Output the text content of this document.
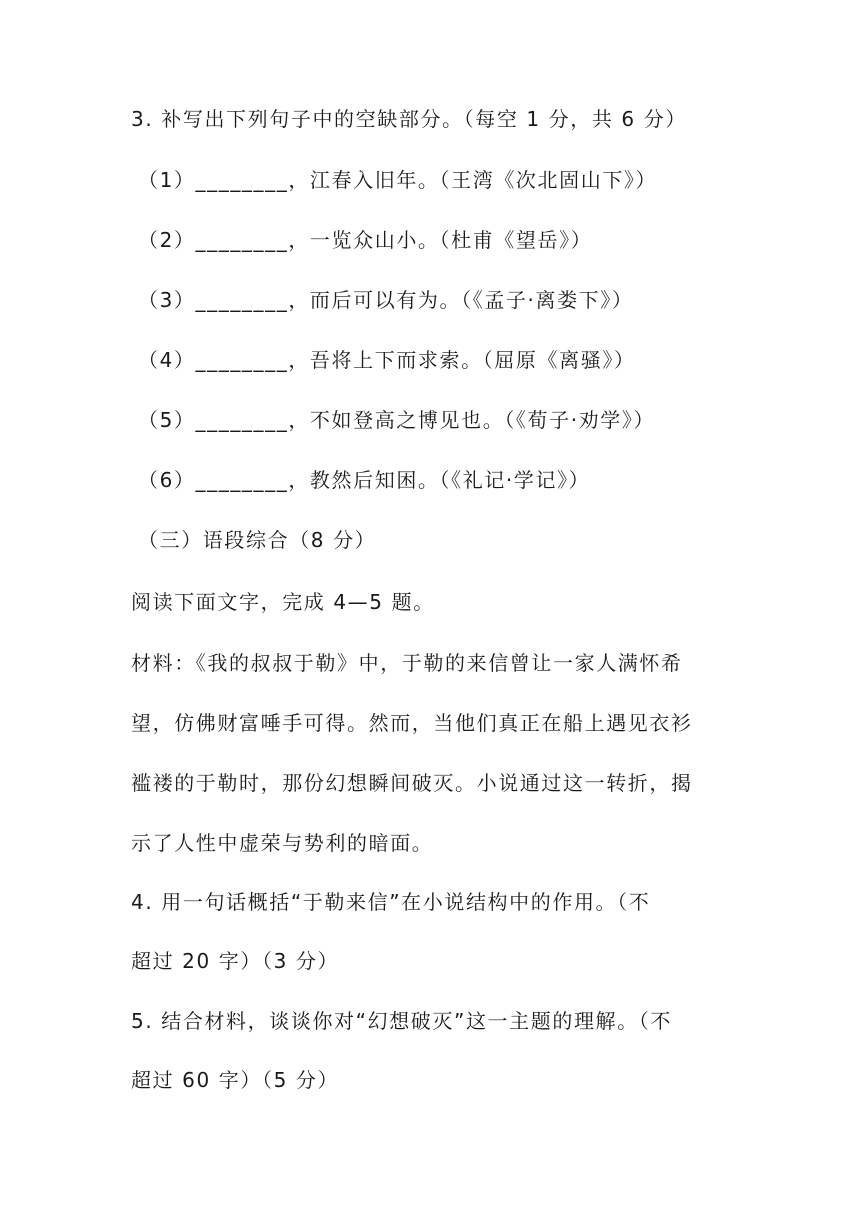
3. 补写出下列句子中的空缺部分。（每空 1 分，共 6 分）
（1）________，江春入旧年。（王湾《次北固山下》）
（2）________，一览众山小。（杜甫《望岳》）
（3）________，而后可以有为。（《孟子·离娄下》）
（4）________，吾将上下而求索。（屈原《离骚》）
（5）________，不如登高之博见也。（《荀子·劝学》）
（6）________，教然后知困。（《礼记·学记》）
（三）语段综合（8 分）
阅读下面文字，完成 4—5 题。
材料：《我的叔叔于勒》中，于勒的来信曾让一家人满怀希
望，仿佛财富唾手可得。然而，当他们真正在船上遇见衣衫
褴褛的于勒时，那份幻想瞬间破灭。小说通过这一转折，揭
示了人性中虚荣与势利的暗面。
4. 用一句话概括“于勒来信”在小说结构中的作用。（不
超过 20 字）（3 分）
5. 结合材料，谈谈你对“幻想破灭”这一主题的理解。（不
超过 60 字）（5 分）
